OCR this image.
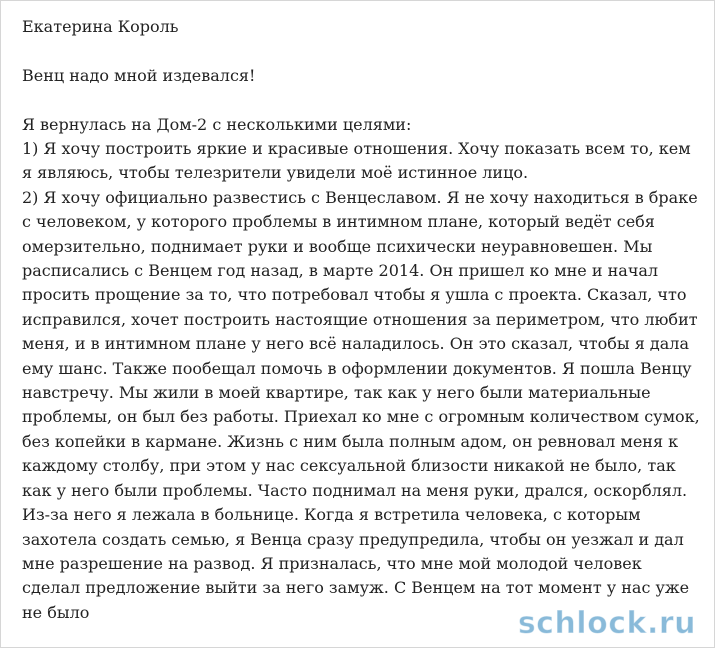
Екатерина Король

Венц надо мной издевался!

Я вернулась на Дом-2 с несколькими целями:

1) Я хочу построить яркие и красивые отношения. Хочу показать всем то, кем я являюсь, чтобы телезрители увидели моё истинное лицо.

2) Я хочу официально развестись с Венцеславом. Я не хочу находиться в браке с человеком, у которого проблемы в интимном плане, который ведёт себя омерзительно, поднимает руки и вообще психически неуравновешен. Мы расписались с Венцем год назад, в марте 2014. Он пришел ко мне и начал просить прощение за то, что потребовал чтобы я ушла с проекта. Сказал, что исправился, хочет построить настоящие отношения за периметром, что любит меня, и в интимном плане у него всё наладилось. Он это сказал, чтобы я дала ему шанс. Также пообещал помочь в оформлении документов. Я пошла Венцу навстречу. Мы жили в моей квартире, так как у него были материальные проблемы, он был без работы. Приехал ко мне с огромным количеством сумок, без копейки в кармане. Жизнь с ним была полным адом, он ревновал меня к каждому столбу, при этом у нас сексуальной близости никакой не было, так как у него были проблемы. Часто поднимал на меня руки, дрался, оскорблял. Из-за него я лежала в больнице. Когда я встретила человека, с которым захотела создать семью, я Венца сразу предупредила, чтобы он уезжал и дал мне разрешение на развод. Я призналась, что мне мой молодой человек сделал предложение выйти за него замуж. С Венцем на тот момент у нас уже не было	schlock.ru
